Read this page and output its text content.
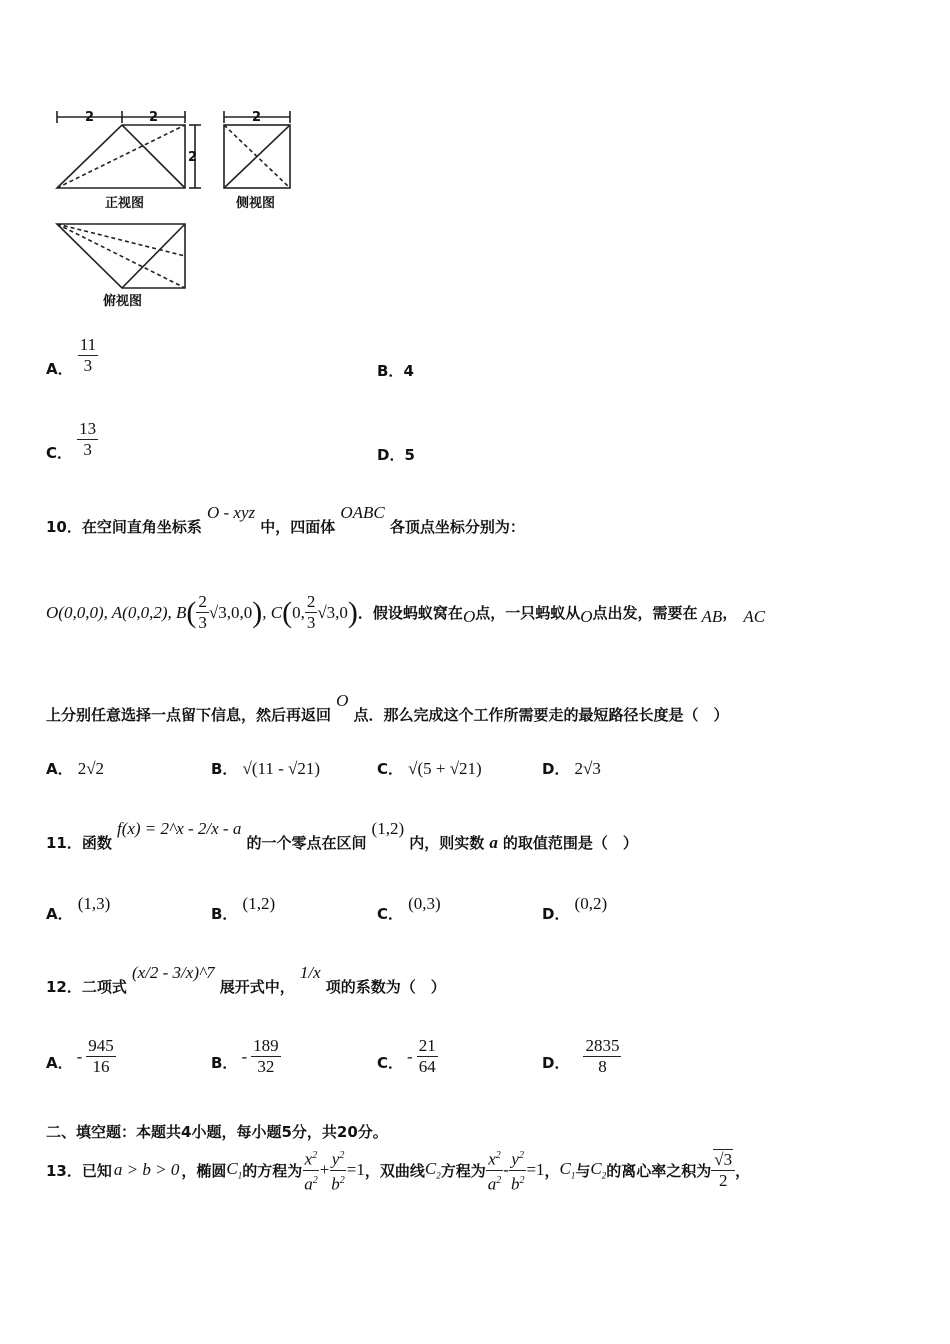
2	2
2
2
正视图	侧视图
俯视图
A． $\frac{11}{3}$	B．4
C． $\frac{13}{3}$	D．5
10．在空间直角坐标系 O - xyz 中，四面体 OABC 各顶点坐标分别为：
O(0,0,0), A(0,0,2), B ( $\frac{2}{3} √3,0,0$ ) , C ( 0, $\frac{2}{3} √3,0$ ) ．假设蚂蚁窝在 O 点，一只蚂蚁从 O 点出发，需要在 AB ， AC
上分别任意选择一点留下信息，然后再返回 O 点．那么完成这个工作所需要走的最短路径长度是（　）
A． 2√2	B． √(11 - √21)	C． √(5 + √21)	D． 2√3
11．函数 f(x) = 2^x - 2/x - a 的一个零点在区间 (1,2) 内，则实数 a 的取值范围是（　）
A． (1,3)
B． (1,2)
C． (0,3)
D． (0,2)
12．二项式 (x/2 - 3/x)^7 展开式中， 1/x 项的系数为（　）
A． - $\frac{945}{16}$	B． - $\frac{189}{32}$	C． - $\frac{21}{64}$	D． $\frac{2835}{8}$
二、填空题：本题共4小题，每小题5分，共20分。
13．已知 a > b > 0 ，椭圆 $C_1$ 的方程为 $\frac{x^2}{a^2} + \frac{y^2}{b^2} =1$ ，双曲线 $C_2$ 方程为 $\frac{x^2}{a^2} - \frac{y^2}{b^2} =1$ ， $C_1$ 与 $C_2$ 的离心率之积为 $\frac{√3}{2}$ ，
